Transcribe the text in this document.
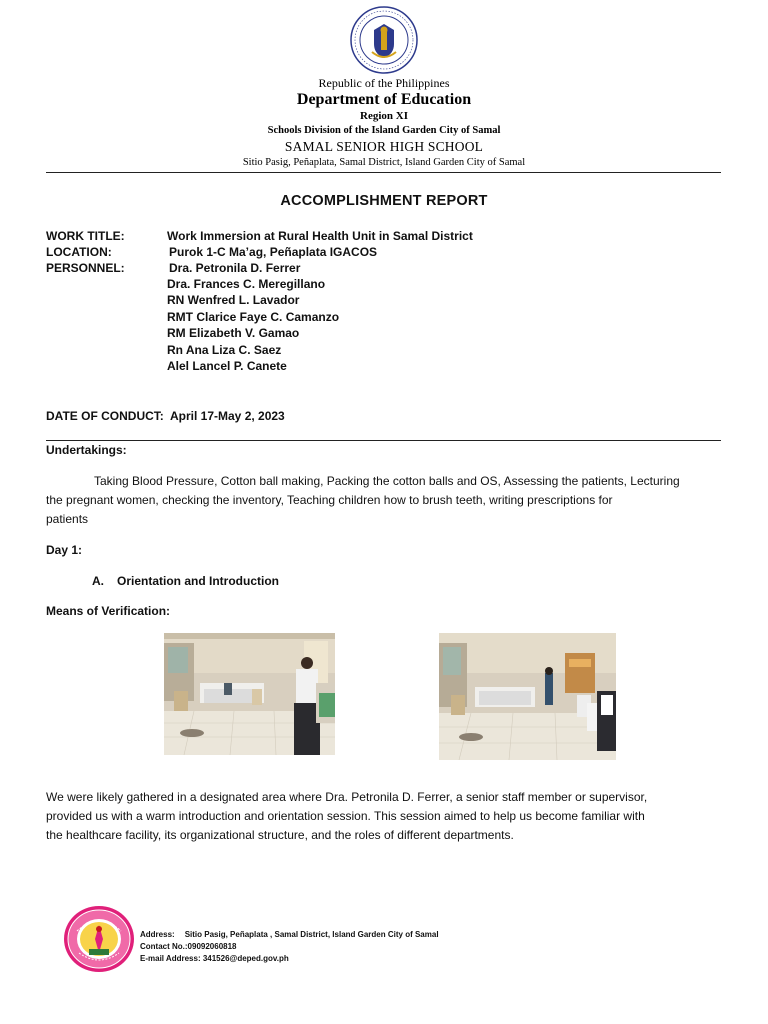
Republic of the Philippines
Department of Education
Region XI
Schools Division of the Island Garden City of Samal
SAMAL SENIOR HIGH SCHOOL
Sitio Pasig, Peñaplata, Samal District, Island Garden City of Samal
ACCOMPLISHMENT REPORT
WORK TITLE:	Work Immersion at Rural Health Unit in Samal District
LOCATION:	Purok 1-C Ma’ag, Peñaplata IGACOS
PERSONNEL:	Dra. Petronila D. Ferrer
Dra. Frances C. Meregillano
RN Wenfred L. Lavador
RMT Clarice Faye C. Camanzo
RM Elizabeth V. Gamao
Rn Ana Liza C. Saez
Alel Lancel P. Canete
DATE OF CONDUCT: April 17-May 2, 2023
Undertakings:
Taking Blood Pressure, Cotton ball making, Packing the cotton balls and OS, Assessing the patients, Lecturing
the pregnant women, checking the inventory, Teaching children how to brush teeth, writing prescriptions for
patients
Day 1:
A.	Orientation and Introduction
Means of Verification:
We were likely gathered in a designated area where Dra. Petronila D. Ferrer, a senior staff member or supervisor,
provided us with a warm introduction and orientation session. This session aimed to help us become familiar with
the healthcare facility, its organizational structure, and the roles of different departments.
Address: Sitio Pasig, Peñaplata , Samal District, Island Garden City of Samal
Contact No.:09092060818
E-mail Address: 341526@deped.gov.ph
